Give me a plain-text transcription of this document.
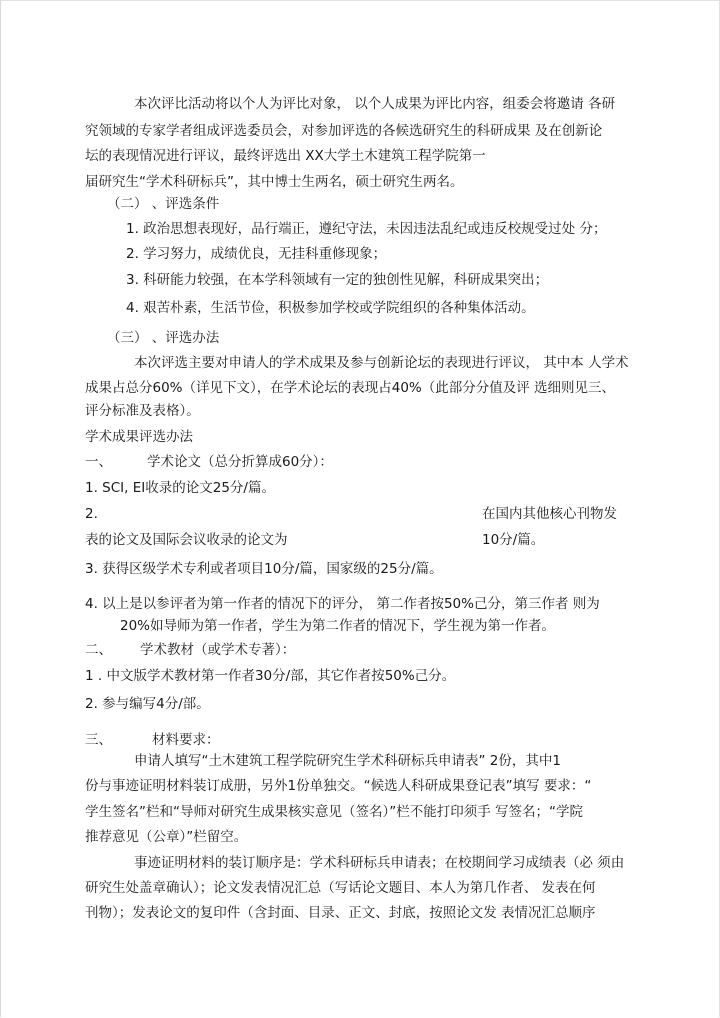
本次评比活动将以个人为评比对象， 以个人成果为评比内容，组委会将邀请 各研
究领域的专家学者组成评选委员会，对参加评选的各候选研究生的科研成果 及在创新论
坛的表现情况进行评议，最终评选出 XX大学土木建筑工程学院第一
届研究生“学术科研标兵”，其中博士生两名，硕士研究生两名。
（二） 、评选条件
1. 政治思想表现好，品行端正，遵纪守法，未因违法乱纪或违反校规受过处 分；
2. 学习努力，成绩优良，无挂科重修现象；
3. 科研能力较强，在本学科领域有一定的独创性见解，科研成果突出；
4. 艰苦朴素，生活节俭，积极参加学校或学院组织的各种集体活动。
（三） 、评选办法
本次评选主要对申请人的学术成果及参与创新论坛的表现进行评议， 其中本 人学术
成果占总分60%（详见下文），在学术论坛的表现占40%（此部分分值及评 选细则见三、
评分标准及表格）。
学术成果评选办法
一、	学术论文（总分折算成60分）：
1. SCI, EI收录的论文25分/篇。
2.	在国内其他核心刊物发
表的论文及国际会议收录的论文为	10分/篇。
3. 获得区级学术专利或者项目10分/篇，国家级的25分/篇。
4. 以上是以参评者为第一作者的情况下的评分， 第二作者按50%己分，第三作者 则为
20%如导师为第一作者，学生为第二作者的情况下，学生视为第一作者。
二、 学术教材（或学术专著）：
1 . 中文版学术教材第一作者30分/部，其它作者按50%己分。
2. 参与编写4分/部。
三、	材料要求：
申请人填写“土木建筑工程学院研究生学术科研标兵申请表” 2份，其中1
份与事迹证明材料装订成册，另外1份单独交。“候选人科研成果登记表”填写 要求：“
学生签名”栏和“导师对研究生成果核实意见（签名）”栏不能打印须手 写签名；“学院
推荐意见（公章）”栏留空。
事迹证明材料的装订顺序是：学术科研标兵申请表；在校期间学习成绩表（必 须由
研究生处盖章确认）；论文发表情况汇总（写话论文题目、本人为第几作者、 发表在何
刊物）；发表论文的复印件（含封面、目录、正文、封底，按照论文发 表情况汇总顺序
